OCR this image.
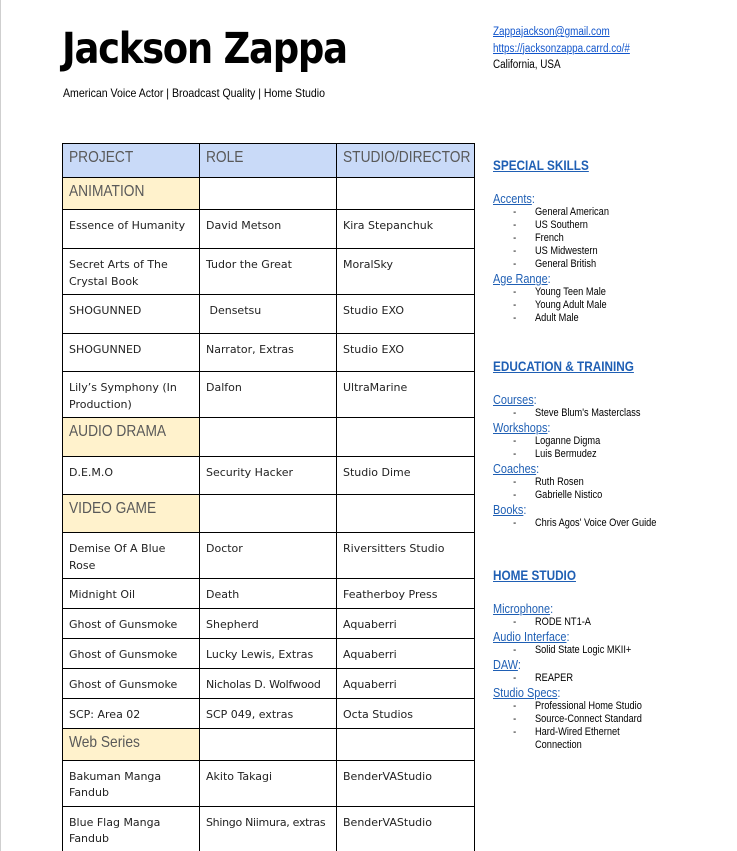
Jackson Zappa
American Voice Actor | Broadcast Quality | Home Studio
Zappajackson@gmail.com
https://jacksonzappa.carrd.co/#
California, USA
PROJECT	ROLE	STUDIO/DIRECTOR
ANIMATION		
Essence of Humanity	David Metson	Kira Stepanchuk
Secret Arts of The Crystal Book	Tudor the Great	MoralSky
SHOGUNNED	Densetsu	Studio EXO
SHOGUNNED	Narrator, Extras	Studio EXO
Lily’s Symphony (In Production)	Dalfon	UltraMarine
AUDIO DRAMA		
D.E.M.O	Security Hacker	Studio Dime
VIDEO GAME		
Demise Of A Blue Rose	Doctor	Riversitters Studio
Midnight Oil	Death	Featherboy Press
Ghost of Gunsmoke	Shepherd	Aquaberri
Ghost of Gunsmoke	Lucky Lewis, Extras	Aquaberri
Ghost of Gunsmoke	Nicholas D. Wolfwood	Aquaberri
SCP: Area 02	SCP 049, extras	Octa Studios
Web Series		
Bakuman Manga Fandub	Akito Takagi	BenderVAStudio
Blue Flag Manga Fandub	Shingo Niimura, extras	BenderVAStudio
SPECIAL SKILLS
Accents:
- General American
- US Southern
- French
- US Midwestern
- General British
Age Range:
- Young Teen Male
- Young Adult Male
- Adult Male
EDUCATION & TRAINING
Courses:
- Steve Blum's Masterclass
Workshops:
- Loganne Digma
- Luis Bermudez
Coaches:
- Ruth Rosen
- Gabrielle Nistico
Books:
- Chris Agos' Voice Over Guide
HOME STUDIO
Microphone:
- RODE NT1-A
Audio Interface:
- Solid State Logic MKII+
DAW:
- REAPER
Studio Specs:
- Professional Home Studio
- Source-Connect Standard
- Hard-Wired Ethernet
Connection
